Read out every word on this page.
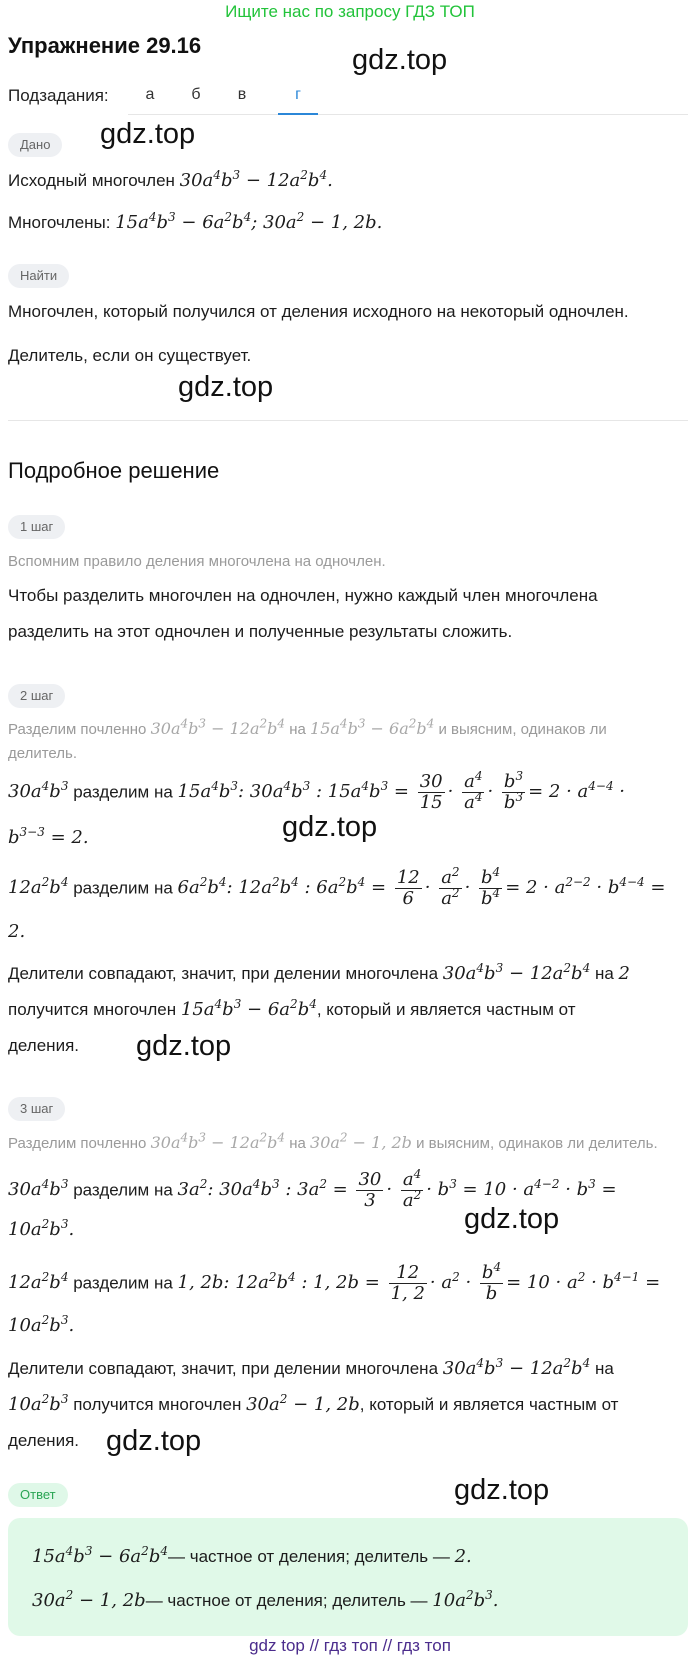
Ищите нас по запросу ГДЗ ТОП
Упражнение 29.16	gdz.top
Подзадания:	а	б	в	г
Дано	gdz.top
Исходный многочлен $30a^4b^3 - 12a^2b^4$.
Многочлены: $15a^4b^3 - 6a^2b^4$; $30a^2 - 1$, 2b.
Найти
Многочлен, который получился от деления исходного на некоторый одночлен.
Делитель, если он существует.
gdz.top
Подробное решение
1 шаг
Вспомним правило деления многочлена на одночлен.
Чтобы разделить многочлен на одночлен, нужно каждый член многочлена
разделить на этот одночлен и полученные результаты сложить.
2 шаг
Разделим почленно $30a^4b^3 - 12a^2b^4$ на $15a^4b^3 - 6a^2b^4$ и выясним, одинаков ли
делитель.
$30a^4b^3$ разделим на $15a^4b^3$: $30a^4b^3$ : $15a^4b^3 = \frac{30}{15} \cdot \frac{a^4}{a^4} \cdot \frac{b^3}{b^3} = 2 \cdot a^{4-4}$ ·
$b^{3-3} = 2$.	gdz.top
$12a^2b^4$ разделим на $6a^2b^4$: $12a^2b^4$ : $6a^2b^4 = \frac{12}{6} \cdot \frac{a^2}{a^2} \cdot \frac{b^4}{b^4} = 2 \cdot a^{2-2} \cdot b^{4-4}$ =
2.
Делители совпадают, значит, при делении многочлена $30a^4b^3 - 12a^2b^4$ на 2
получится многочлен $15a^4b^3 - 6a^2b^4$, который и является частным от
деления.	gdz.top
3 шаг
Разделим почленно $30a^4b^3 - 12a^2b^4$ на $30a^2 - 1$, 2b и выясним, одинаков ли делитель.
$30a^4b^3$ разделим на $3a^2$: $30a^4b^3$ : $3a^2 = \frac{30}{3} \cdot \frac{a^4}{a^2} \cdot b^3 = 10 \cdot a^{4-2} \cdot b^3$ =
$10a^2b^3$.	gdz.top
$12a^2b^4$ разделим на 1, 2b: $12a^2b^4$ : 1, $2b = \frac{12}{1, 2} \cdot a^2 \cdot \frac{b^4}{b} = 10 \cdot a^2 \cdot b^{4-1}$ =
$10a^2b^3$.
Делители совпадают, значит, при делении многочлена $30a^4b^3 - 12a^2b^4$ на
$10a^2b^3$ получится многочлен $30a^2 - 1$, 2b, который и является частным от
деления. gdz.top
Ответ	gdz.top
$15a^4b^3$ − $6a^2b^4—$ частное от деления; делитель — 2.
$30a^2 - 1$, 2b— частное от деления; делитель — $10a^2b^3$.
gdz top // гдз топ // гдз топ
